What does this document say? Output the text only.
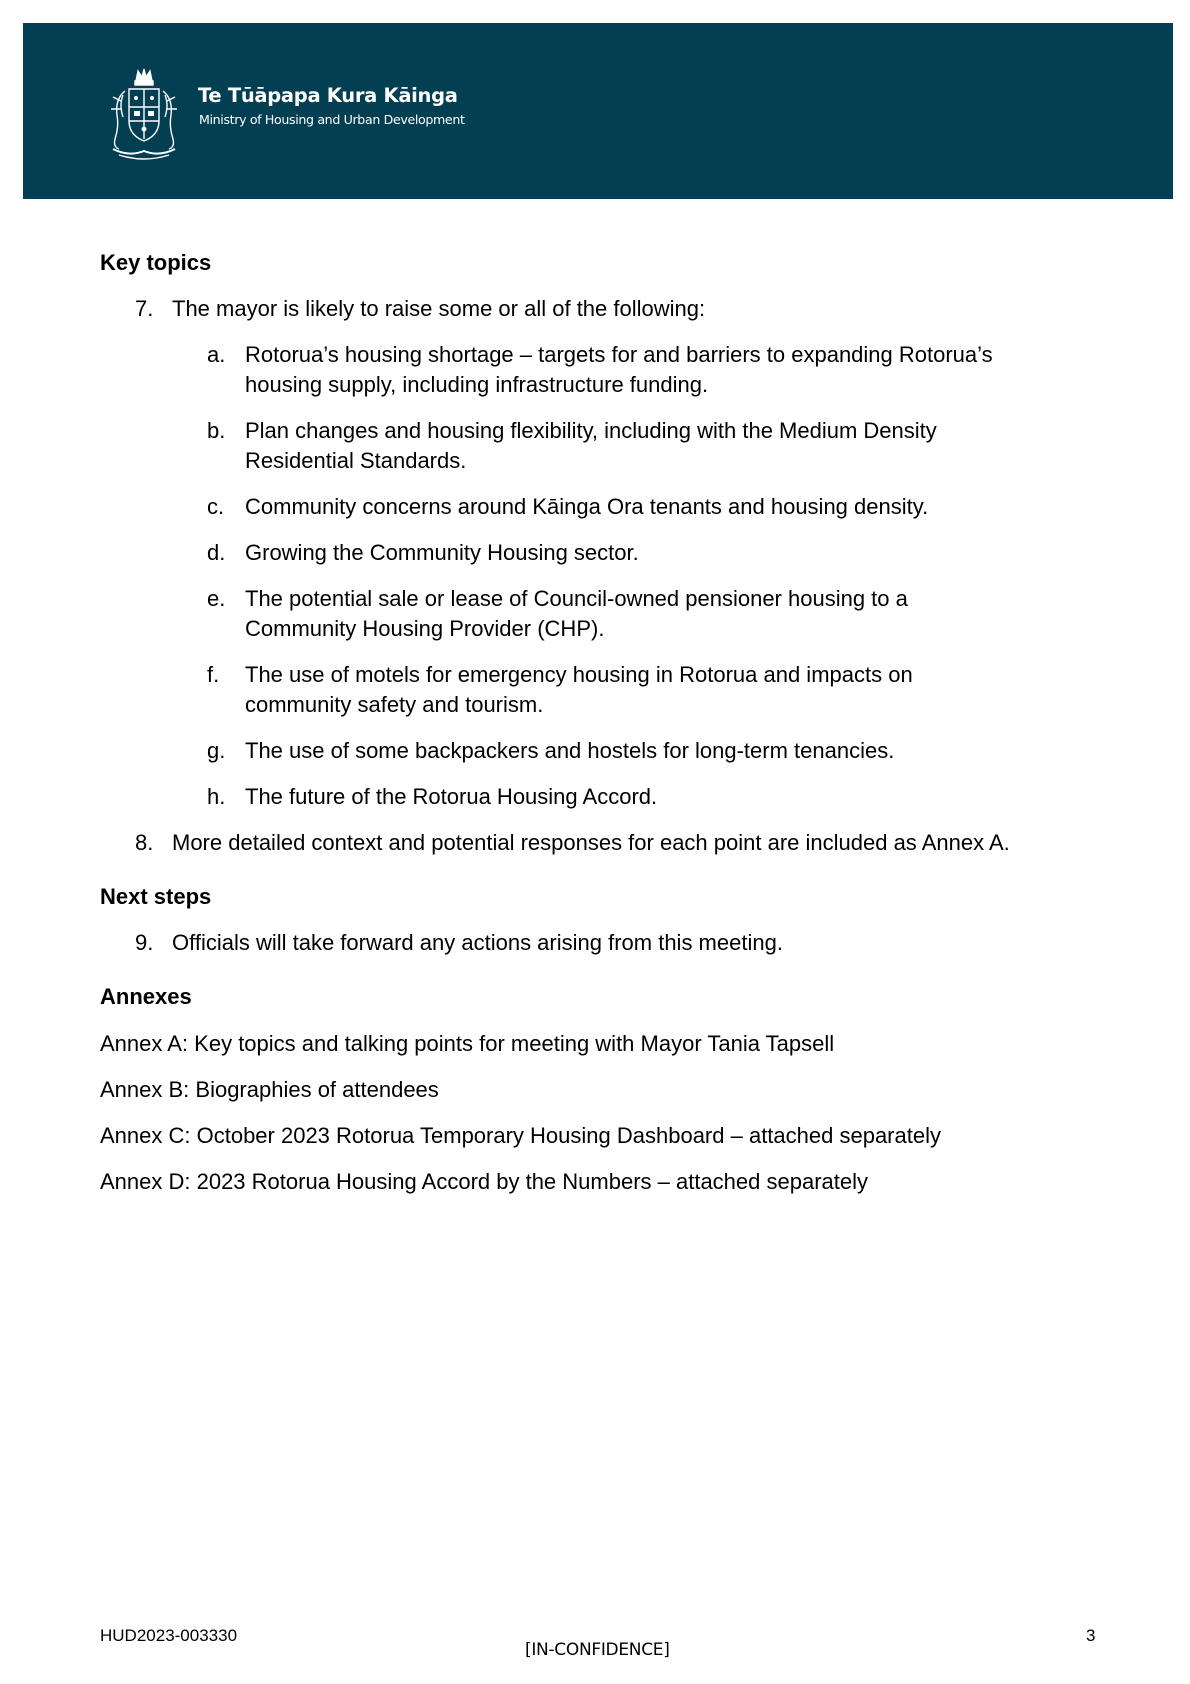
Te Tūāpapa Kura Kāinga
Ministry of Housing and Urban Development
Key topics
7. The mayor is likely to raise some or all of the following:
a. Rotorua’s housing shortage – targets for and barriers to expanding Rotorua’s
housing supply, including infrastructure funding.
b. Plan changes and housing flexibility, including with the Medium Density
Residential Standards.
c. Community concerns around Kāinga Ora tenants and housing density.
d. Growing the Community Housing sector.
e. The potential sale or lease of Council-owned pensioner housing to a
Community Housing Provider (CHP).
f. The use of motels for emergency housing in Rotorua and impacts on
community safety and tourism.
g. The use of some backpackers and hostels for long-term tenancies.
h. The future of the Rotorua Housing Accord.
8. More detailed context and potential responses for each point are included as Annex A.
Next steps
9. Officials will take forward any actions arising from this meeting.
Annexes
Annex A: Key topics and talking points for meeting with Mayor Tania Tapsell
Annex B: Biographies of attendees
Annex C: October 2023 Rotorua Temporary Housing Dashboard – attached separately
Annex D: 2023 Rotorua Housing Accord by the Numbers – attached separately
HUD2023-003330
[IN-CONFIDENCE]
3
